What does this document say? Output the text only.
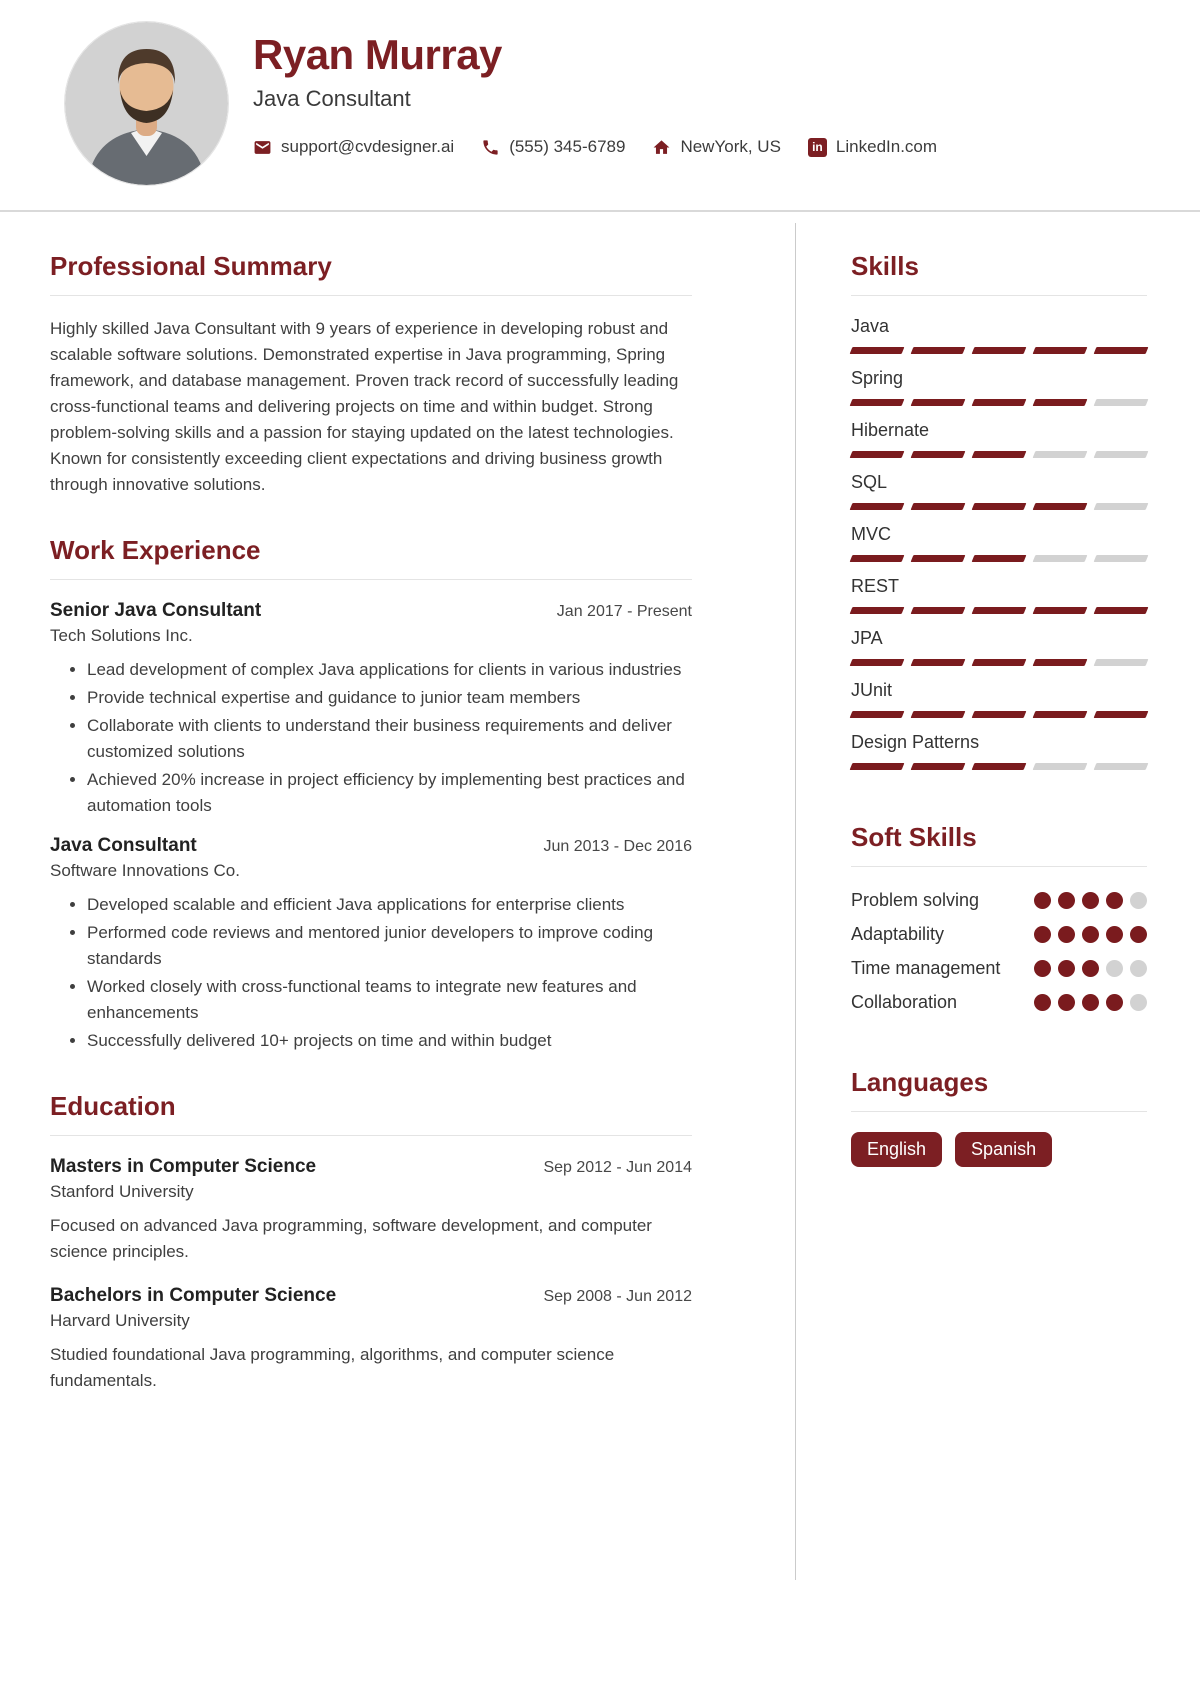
Ryan Murray
Java Consultant
support@cvdesigner.ai	(555) 345-6789	NewYork, US	in LinkedIn.com
Professional Summary

Highly skilled Java Consultant with 9 years of experience in developing robust and scalable software solutions. Demonstrated expertise in Java programming, Spring framework, and database management. Proven track record of successfully leading cross-functional teams and delivering projects on time and within budget. Strong problem-solving skills and a passion for staying updated on the latest technologies. Known for consistently exceeding client expectations and driving business growth through innovative solutions.

Work Experience
Senior Java Consultant	Jan 2017 - Present
Tech Solutions Inc.
• Lead development of complex Java applications for clients in various industries
• Provide technical expertise and guidance to junior team members
• Collaborate with clients to understand their business requirements and deliver customized solutions
• Achieved 20% increase in project efficiency by implementing best practices and automation tools
Java Consultant	Jun 2013 - Dec 2016
Software Innovations Co.
• Developed scalable and efficient Java applications for enterprise clients
• Performed code reviews and mentored junior developers to improve coding standards
• Worked closely with cross-functional teams to integrate new features and enhancements
• Successfully delivered 10+ projects on time and within budget
Education
Masters in Computer Science	Sep 2012 - Jun 2014
Stanford University

Focused on advanced Java programming, software development, and computer science principles.

Bachelors in Computer Science	Sep 2008 - Jun 2012
Harvard University

Studied foundational Java programming, algorithms, and computer science fundamentals.

Skills
Java
Spring
Hibernate
SQL
MVC
REST
JPA
JUnit
Design Patterns
Soft Skills
Problem solving
Adaptability
Time management
Collaboration
Languages
English	Spanish
